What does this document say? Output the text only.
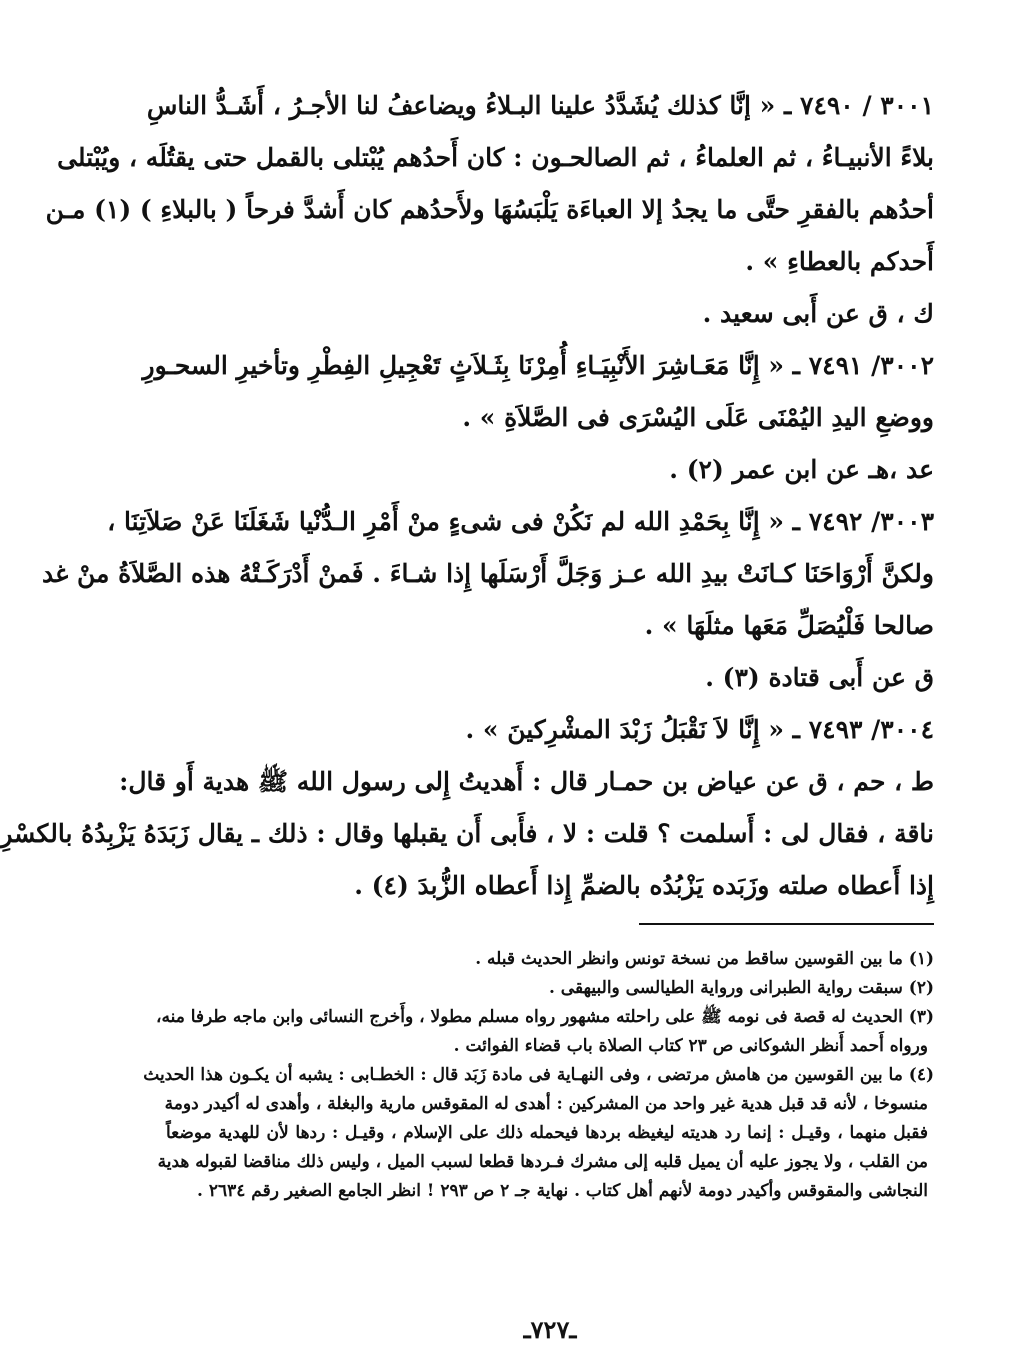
٣٠٠١ / ٧٤٩٠ ـ « إنَّا كذلك يُشَدَّدُ علينا البـلاءُ ويضاعفُ لنا الأجـرُ ، أَشَـدُّ الناسِ

بلاءً الأنبيـاءُ ، ثم العلماءُ ، ثم الصالحـون : كان أَحدُهم يُبْتلى بالقمل حتى يقتُلَه ، ويُبْتلى

أحدُهم بالفقرِ حتَّى ما يجدُ إلا العباءَة يَلْبَسُهَا ولأَحدُهم كان أَشدَّ فرحاً ( بالبلاءِ ) (١) مـن

أَحدكم بالعطاءِ » .

ك ، ق عن أَبى سعيد .

٣٠٠٢/ ٧٤٩١ ـ « إِنَّا مَعَـاشِرَ الأَنْبِيَـاءِ أُمِرْنَا بِثَـلاَثٍ تَعْجِيلِ الفِطْرِ وتأخيرِ السحـورِ

ووضعِ اليدِ اليُمْنَى عَلَى اليُسْرَى فى الصَّلاَةِ » .

عد ،هـ عن ابن عمر (٢) .

٣٠٠٣/ ٧٤٩٢ ـ « إِنَّا بِحَمْدِ الله لم نَكُنْ فى شىءٍ منْ أَمْرِ الـدُّنْيا شَغَلَنَا عَنْ صَلاَتِنَا ،

ولكنَّ أَرْوَاحَنَا كـانَتْ بيدِ الله عـز وَجَلَّ أَرْسَلَها إِذا شـاءَ . فَمنْ أَدْرَكَـتْهُ هذه الصَّلاَةُ منْ غد

صالحا فَلْيُصَلِّ مَعَها مثلَهَا » .

ق عن أَبى قتادة (٣) .

٣٠٠٤/ ٧٤٩٣ ـ « إِنَّا لاَ نَقْبَلُ زَبْدَ المشْرِكينَ » .

ط ، حم ، ق عن عياض بن حمـار قال : أَهديتُ إِلى رسول الله ﷺ هدية أَو قال:

ناقة ، فقال لى : أَسلمت ؟ قلت : لا ، فأَبى أَن يقبلها وقال : ذلك ـ يقال زَبَدَهُ يَزْبِدُهُ بالكسْرِ

إِذا أَعطاه صلته وزَبَده يَزْبُدُه بالضمِّ إِذا أَعطاه الزُّبدَ (٤) .

(١) ما بين القوسين ساقط من نسخة تونس وانظر الحديث قبله .

(٢) سبقت رواية الطبرانى ورواية الطيالسى والبيهقى .

(٣) الحديث له قصة فى نومه ﷺ على راحلته مشهور رواه مسلم مطولا ، وأَخرج النسائى وابن ماجه طرفا منه،

ورواه أَحمد أَنظر الشوكانى ص ٢٣ كتاب الصلاة باب قضاء الفوائت .

(٤) ما بين القوسين من هامش مرتضى ، وفى النهـاية فى مادة زَبَد قال : الخطـابى : يشبه أن يكـون هذا الحديث

منسوخا ، لأنه قد قبل هدية غير واحد من المشركين : أهدى له المقوقس مارية والبغلة ، وأهدى له أكيدر دومة

فقبل منهما ، وقيـل : إنما رد هديته ليغيظه بردها فيحمله ذلك على الإسلام ، وقيـل : ردها لأن للهدية موضعاً

من القلب ، ولا يجوز عليه أن يميل قلبه إلى مشرك فـردها قطعا لسبب الميل ، وليس ذلك مناقضا لقبوله هدية

النجاشى والمقوقس وأكيدر دومة لأنهم أهل كتاب . نهاية جـ ٢ ص ٢٩٣ ! انظر الجامع الصغير رقم ٢٦٣٤ .

ـ٧٢٧ـ
